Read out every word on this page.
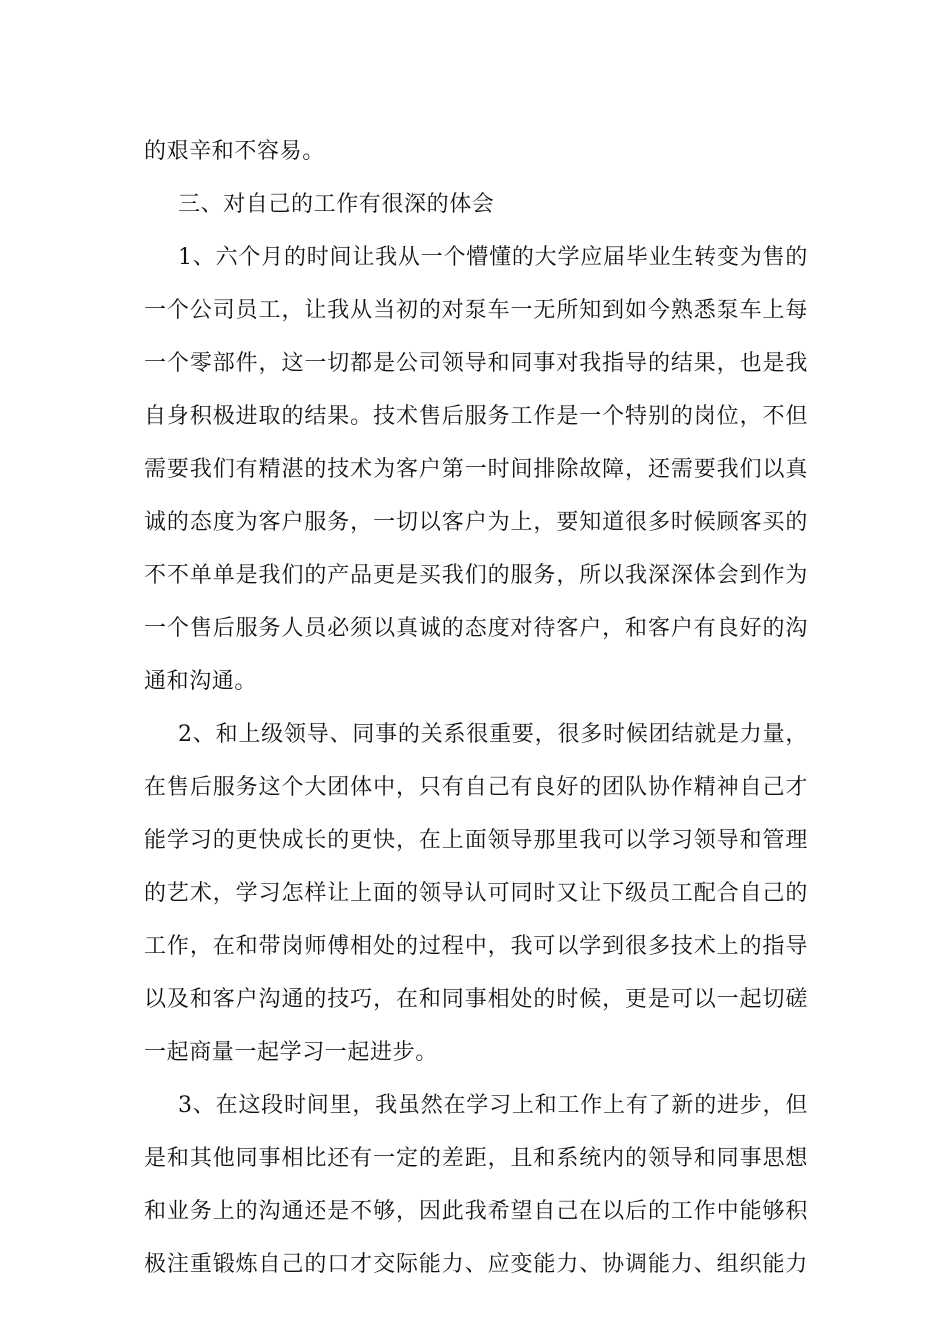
的艰辛和不容易。
三、对自己的工作有很深的体会
1、六个月的时间让我从一个懵懂的大学应届毕业生转变为售的
一个公司员工，让我从当初的对泵车一无所知到如今熟悉泵车上每
一个零部件，这一切都是公司领导和同事对我指导的结果，也是我
自身积极进取的结果。技术售后服务工作是一个特别的岗位，不但
需要我们有精湛的技术为客户第一时间排除故障，还需要我们以真
诚的态度为客户服务，一切以客户为上，要知道很多时候顾客买的
不不单单是我们的产品更是买我们的服务，所以我深深体会到作为
一个售后服务人员必须以真诚的态度对待客户，和客户有良好的沟
通和沟通。
2、和上级领导、同事的关系很重要，很多时候团结就是力量，
在售后服务这个大团体中，只有自己有良好的团队协作精神自己才
能学习的更快成长的更快，在上面领导那里我可以学习领导和管理
的艺术，学习怎样让上面的领导认可同时又让下级员工配合自己的
工作，在和带岗师傅相处的过程中，我可以学到很多技术上的指导
以及和客户沟通的技巧，在和同事相处的时候，更是可以一起切磋
一起商量一起学习一起进步。
3、在这段时间里，我虽然在学习上和工作上有了新的进步，但
是和其他同事相比还有一定的差距，且和系统内的领导和同事思想
和业务上的沟通还是不够，因此我希望自己在以后的工作中能够积
极注重锻炼自己的口才交际能力、应变能力、协调能力、组织能力
